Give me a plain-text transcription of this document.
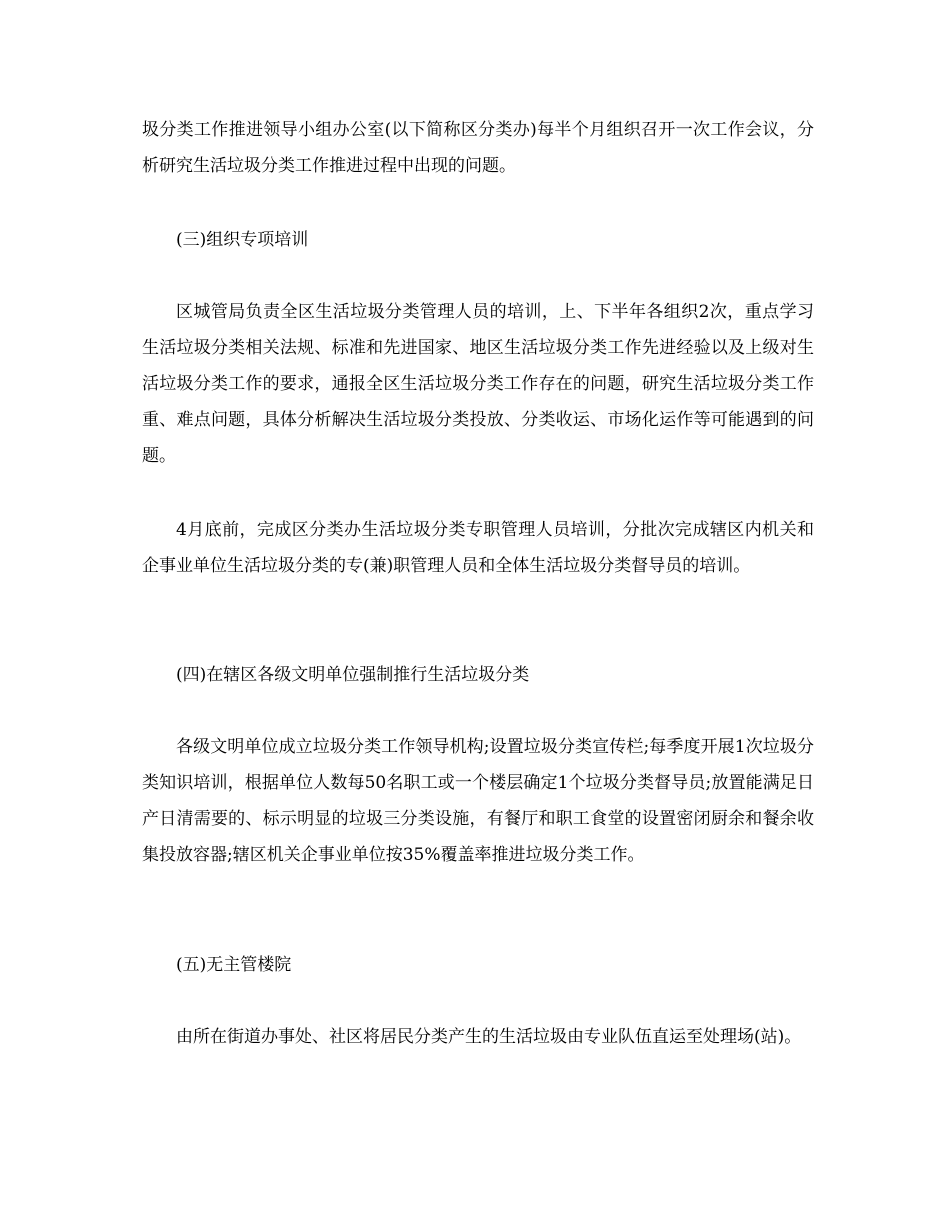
圾分类工作推进领导小组办公室(以下简称区分类办)每半个月组织召开一次工作会议，分析研究生活垃圾分类工作推进过程中出现的问题。

(三)组织专项培训

区城管局负责全区生活垃圾分类管理人员的培训，上、下半年各组织2次，重点学习生活垃圾分类相关法规、标准和先进国家、地区生活垃圾分类工作先进经验以及上级对生活垃圾分类工作的要求，通报全区生活垃圾分类工作存在的问题，研究生活垃圾分类工作重、难点问题，具体分析解决生活垃圾分类投放、分类收运、市场化运作等可能遇到的问题。

4月底前，完成区分类办生活垃圾分类专职管理人员培训，分批次完成辖区内机关和企事业单位生活垃圾分类的专(兼)职管理人员和全体生活垃圾分类督导员的培训。

(四)在辖区各级文明单位强制推行生活垃圾分类

各级文明单位成立垃圾分类工作领导机构;设置垃圾分类宣传栏;每季度开展1次垃圾分类知识培训，根据单位人数每50名职工或一个楼层确定1个垃圾分类督导员;放置能满足日产日清需要的、标示明显的垃圾三分类设施，有餐厅和职工食堂的设置密闭厨余和餐余收集投放容器;辖区机关企事业单位按35%覆盖率推进垃圾分类工作。

(五)无主管楼院

由所在街道办事处、社区将居民分类产生的生活垃圾由专业队伍直运至处理场(站)。
